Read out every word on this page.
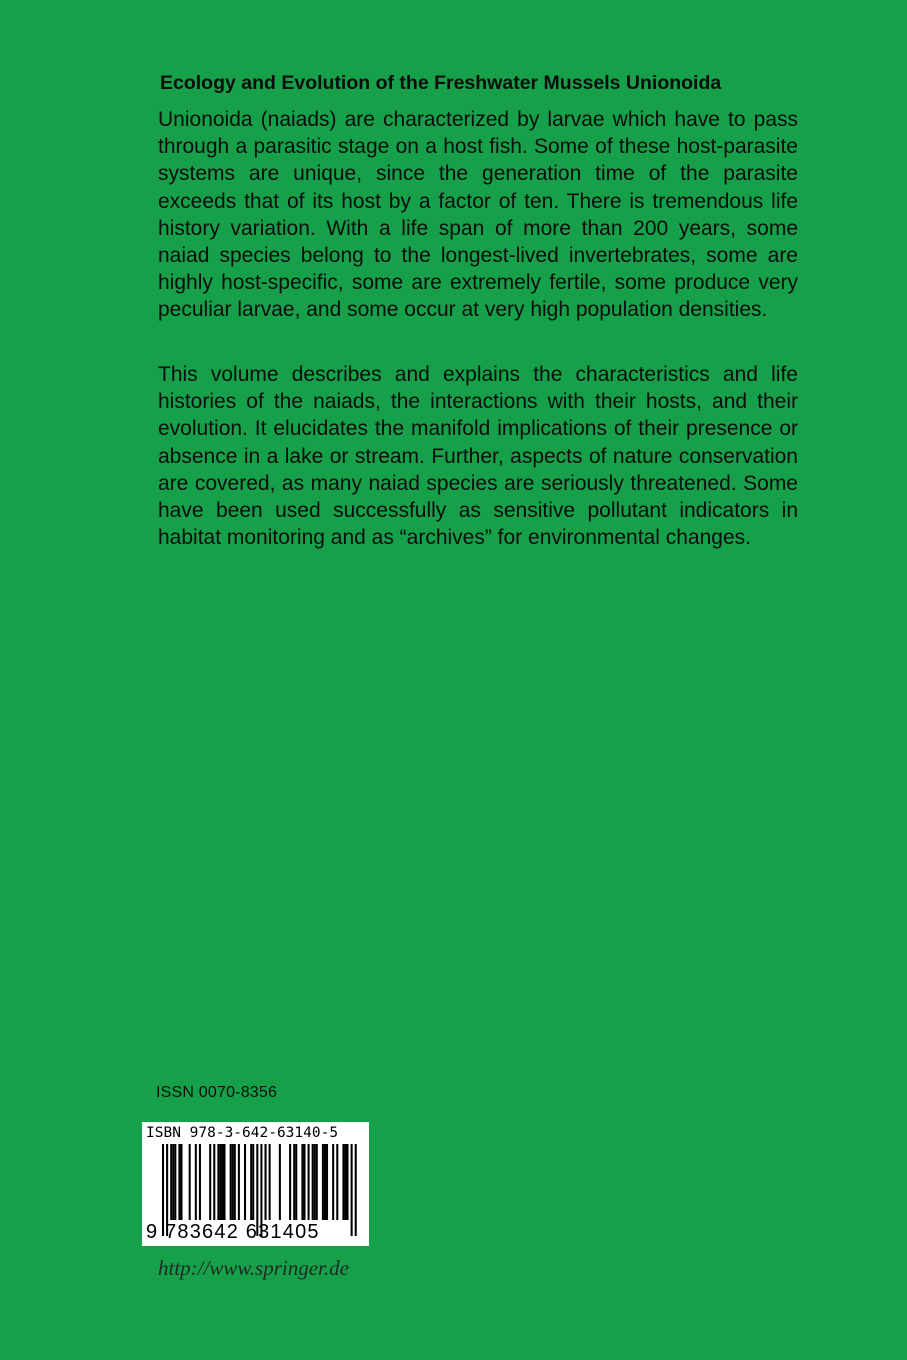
Ecology and Evolution of the Freshwater Mussels Unionoida

Unionoida (naiads) are characterized by larvae which have to pass through a parasitic stage on a host fish. Some of these host-parasite systems are unique, since the generation time of the parasite exceeds that of its host by a factor of ten. There is tremendous life history variation. With a life span of more than 200 years, some naiad species belong to the longest-lived invertebrates, some are highly host-specific, some are extremely fertile, some produce very peculiar larvae, and some occur at very high population densities.

This volume describes and explains the characteristics and life histories of the naiads, the interactions with their hosts, and their evolution. It elucidates the manifold implications of their presence or absence in a lake or stream. Further, aspects of nature conservation are covered, as many naiad species are seriously threatened. Some have been used successfully as sensitive pollutant indicators in habitat monitoring and as “archives” for environmental changes.

ISSN 0070-8356
ISBN 978-3-642-63140-5
9 783642 631405
http://www.springer.de
